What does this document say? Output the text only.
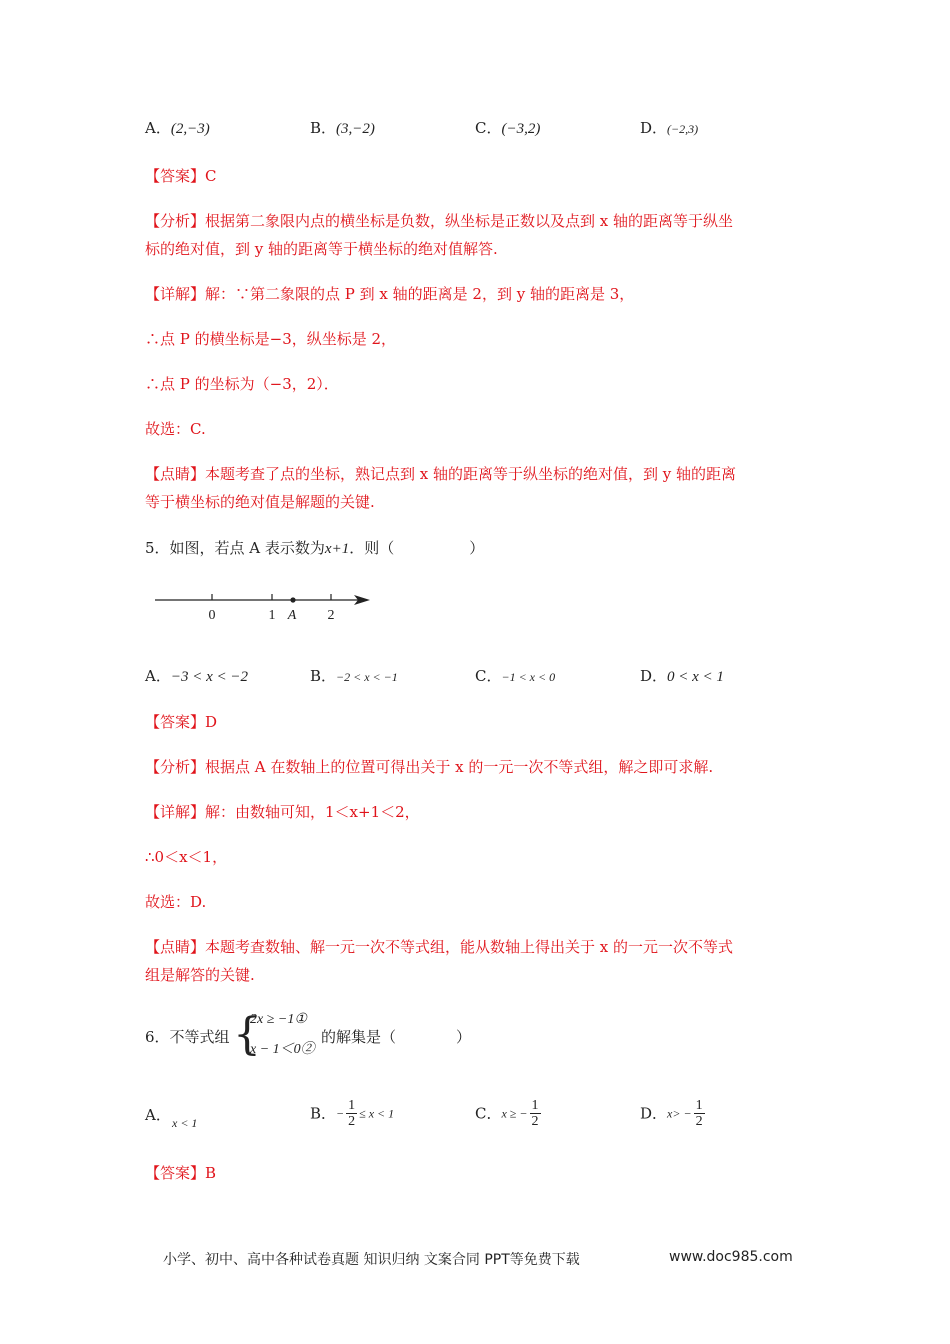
A．(2,−3)	B．(3,−2)	C．(−3,2)	D．(−2,3)
【答案】C
【分析】根据第二象限内点的横坐标是负数，纵坐标是正数以及点到 x 轴的距离等于纵坐
标的绝对值，到 y 轴的距离等于横坐标的绝对值解答.
【详解】解：∵第二象限的点 P 到 x 轴的距离是 2，到 y 轴的距离是 3，
∴点 P 的横坐标是−3，纵坐标是 2，
∴点 P 的坐标为（−3，2）．
故选：C.
【点睛】本题考查了点的坐标，熟记点到 x 轴的距离等于纵坐标的绝对值，到 y 轴的距离
等于横坐标的绝对值是解题的关键.
5．如图，若点 A 表示数为x+1．则（　　　　　）
0	1 A 2
A．−3 < x < −2	B．−2 < x < −1	C．−1 < x < 0	D．0 < x < 1
【答案】D
【分析】根据点 A 在数轴上的位置可得出关于 x 的一元一次不等式组，解之即可求解.
【详解】解：由数轴可知，1＜x+1＜2，
∴0＜x＜1，
故选：D.
【点睛】本题考查数轴、解一元一次不等式组，能从数轴上得出关于 x 的一元一次不等式
组是解答的关键.
6．不等式组 {
2x ≥ −1①
x − 1＜0②
的解集是（　　　　）
A． x < 1
B．− $\frac{1}{2} \le x < 1$	C．x ≥ − $\frac{1}{2}$	D．$x> - \frac{1}{2}$
【答案】B
小学、初中、高中各种试卷真题 知识归纳 文案合同 PPT等免费下载	www.doc985.com
